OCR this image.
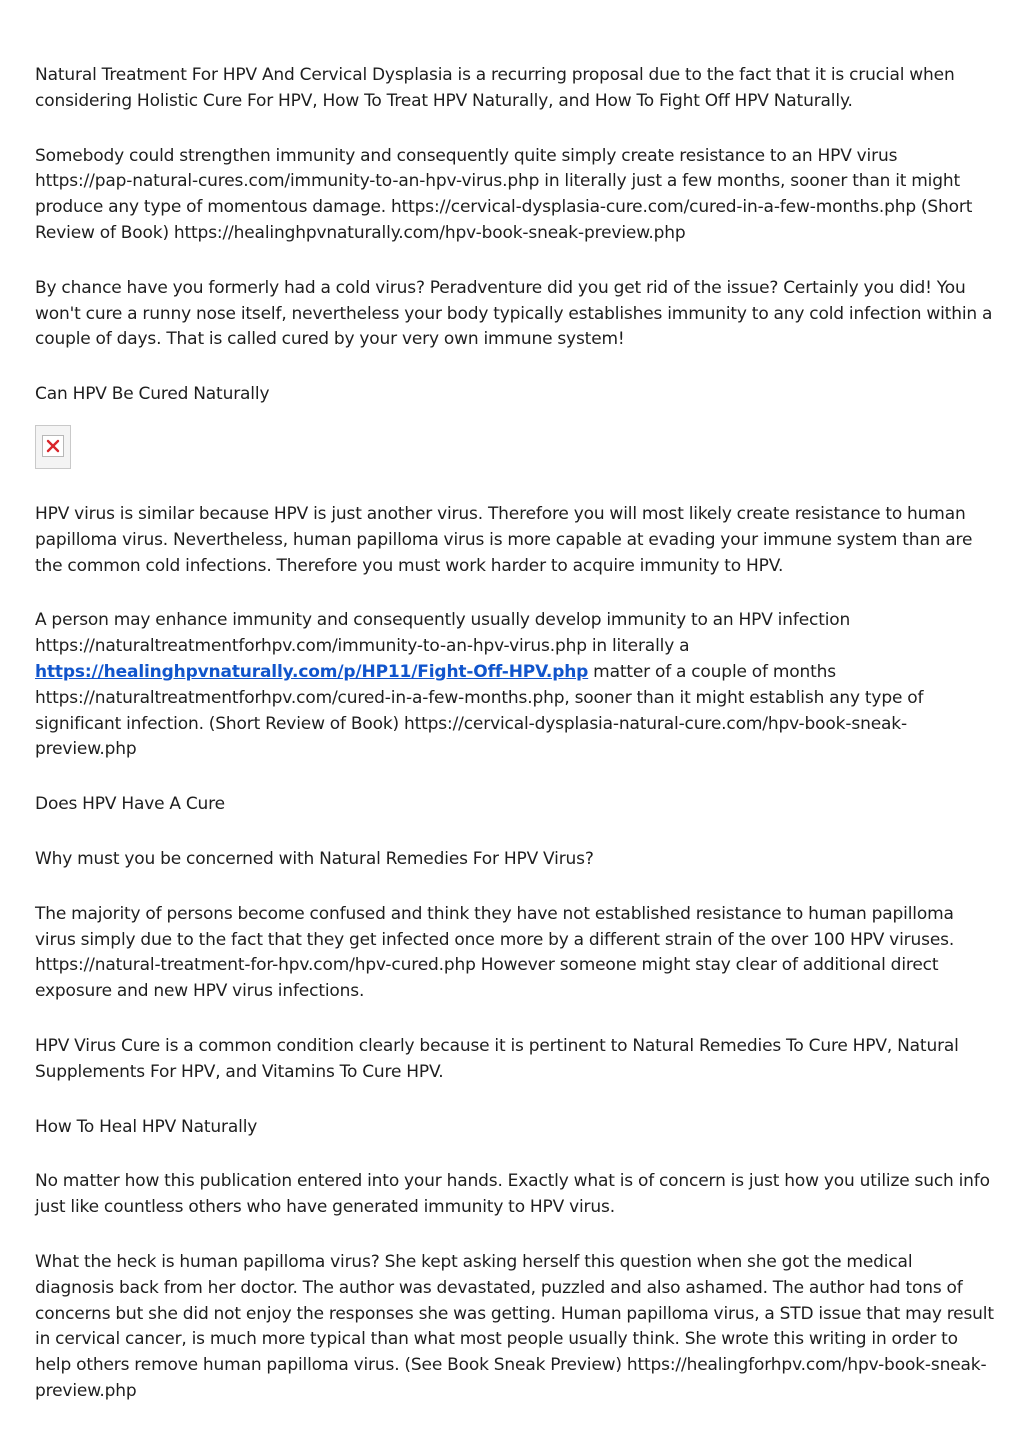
Natural Treatment For HPV And Cervical Dysplasia is a recurring proposal due to the fact that it is crucial when considering Holistic Cure For HPV, How To Treat HPV Naturally, and How To Fight Off HPV Naturally.

Somebody could strengthen immunity and consequently quite simply create resistance to an HPV virus https://pap-natural-cures.com/immunity-to-an-hpv-virus.php in literally just a few months, sooner than it might produce any type of momentous damage. https://cervical-dysplasia-cure.com/cured-in-a-few-months.php (Short Review of Book) https://healinghpvnaturally.com/hpv-book-sneak-preview.php

By chance have you formerly had a cold virus? Peradventure did you get rid of the issue? Certainly you did! You won't cure a runny nose itself, nevertheless your body typically establishes immunity to any cold infection within a couple of days. That is called cured by your very own immune system!

Can HPV Be Cured Naturally

HPV virus is similar because HPV is just another virus. Therefore you will most likely create resistance to human papilloma virus. Nevertheless, human papilloma virus is more capable at evading your immune system than are the common cold infections. Therefore you must work harder to acquire immunity to HPV.

A person may enhance immunity and consequently usually develop immunity to an HPV infection https://naturaltreatmentforhpv.com/immunity-to-an-hpv-virus.php in literally a https://healinghpvnaturally.com/p/HP11/Fight-Off-HPV.php matter of a couple of months https://naturaltreatmentforhpv.com/cured-in-a-few-months.php, sooner than it might establish any type of significant infection. (Short Review of Book) https://cervical-dysplasia-natural-cure.com/hpv-book-sneak-preview.php

Does HPV Have A Cure

Why must you be concerned with Natural Remedies For HPV Virus?

The majority of persons become confused and think they have not established resistance to human papilloma virus simply due to the fact that they get infected once more by a different strain of the over 100 HPV viruses. https://natural-treatment-for-hpv.com/hpv-cured.php However someone might stay clear of additional direct exposure and new HPV virus infections.

HPV Virus Cure is a common condition clearly because it is pertinent to Natural Remedies To Cure HPV, Natural Supplements For HPV, and Vitamins To Cure HPV.

How To Heal HPV Naturally

No matter how this publication entered into your hands. Exactly what is of concern is just how you utilize such info just like countless others who have generated immunity to HPV virus.

What the heck is human papilloma virus? She kept asking herself this question when she got the medical diagnosis back from her doctor. The author was devastated, puzzled and also ashamed. The author had tons of concerns but she did not enjoy the responses she was getting. Human papilloma virus, a STD issue that may result in cervical cancer, is much more typical than what most people usually think. She wrote this writing in order to help others remove human papilloma virus. (See Book Sneak Preview) https://healingforhpv.com/hpv-book-sneak-preview.php
